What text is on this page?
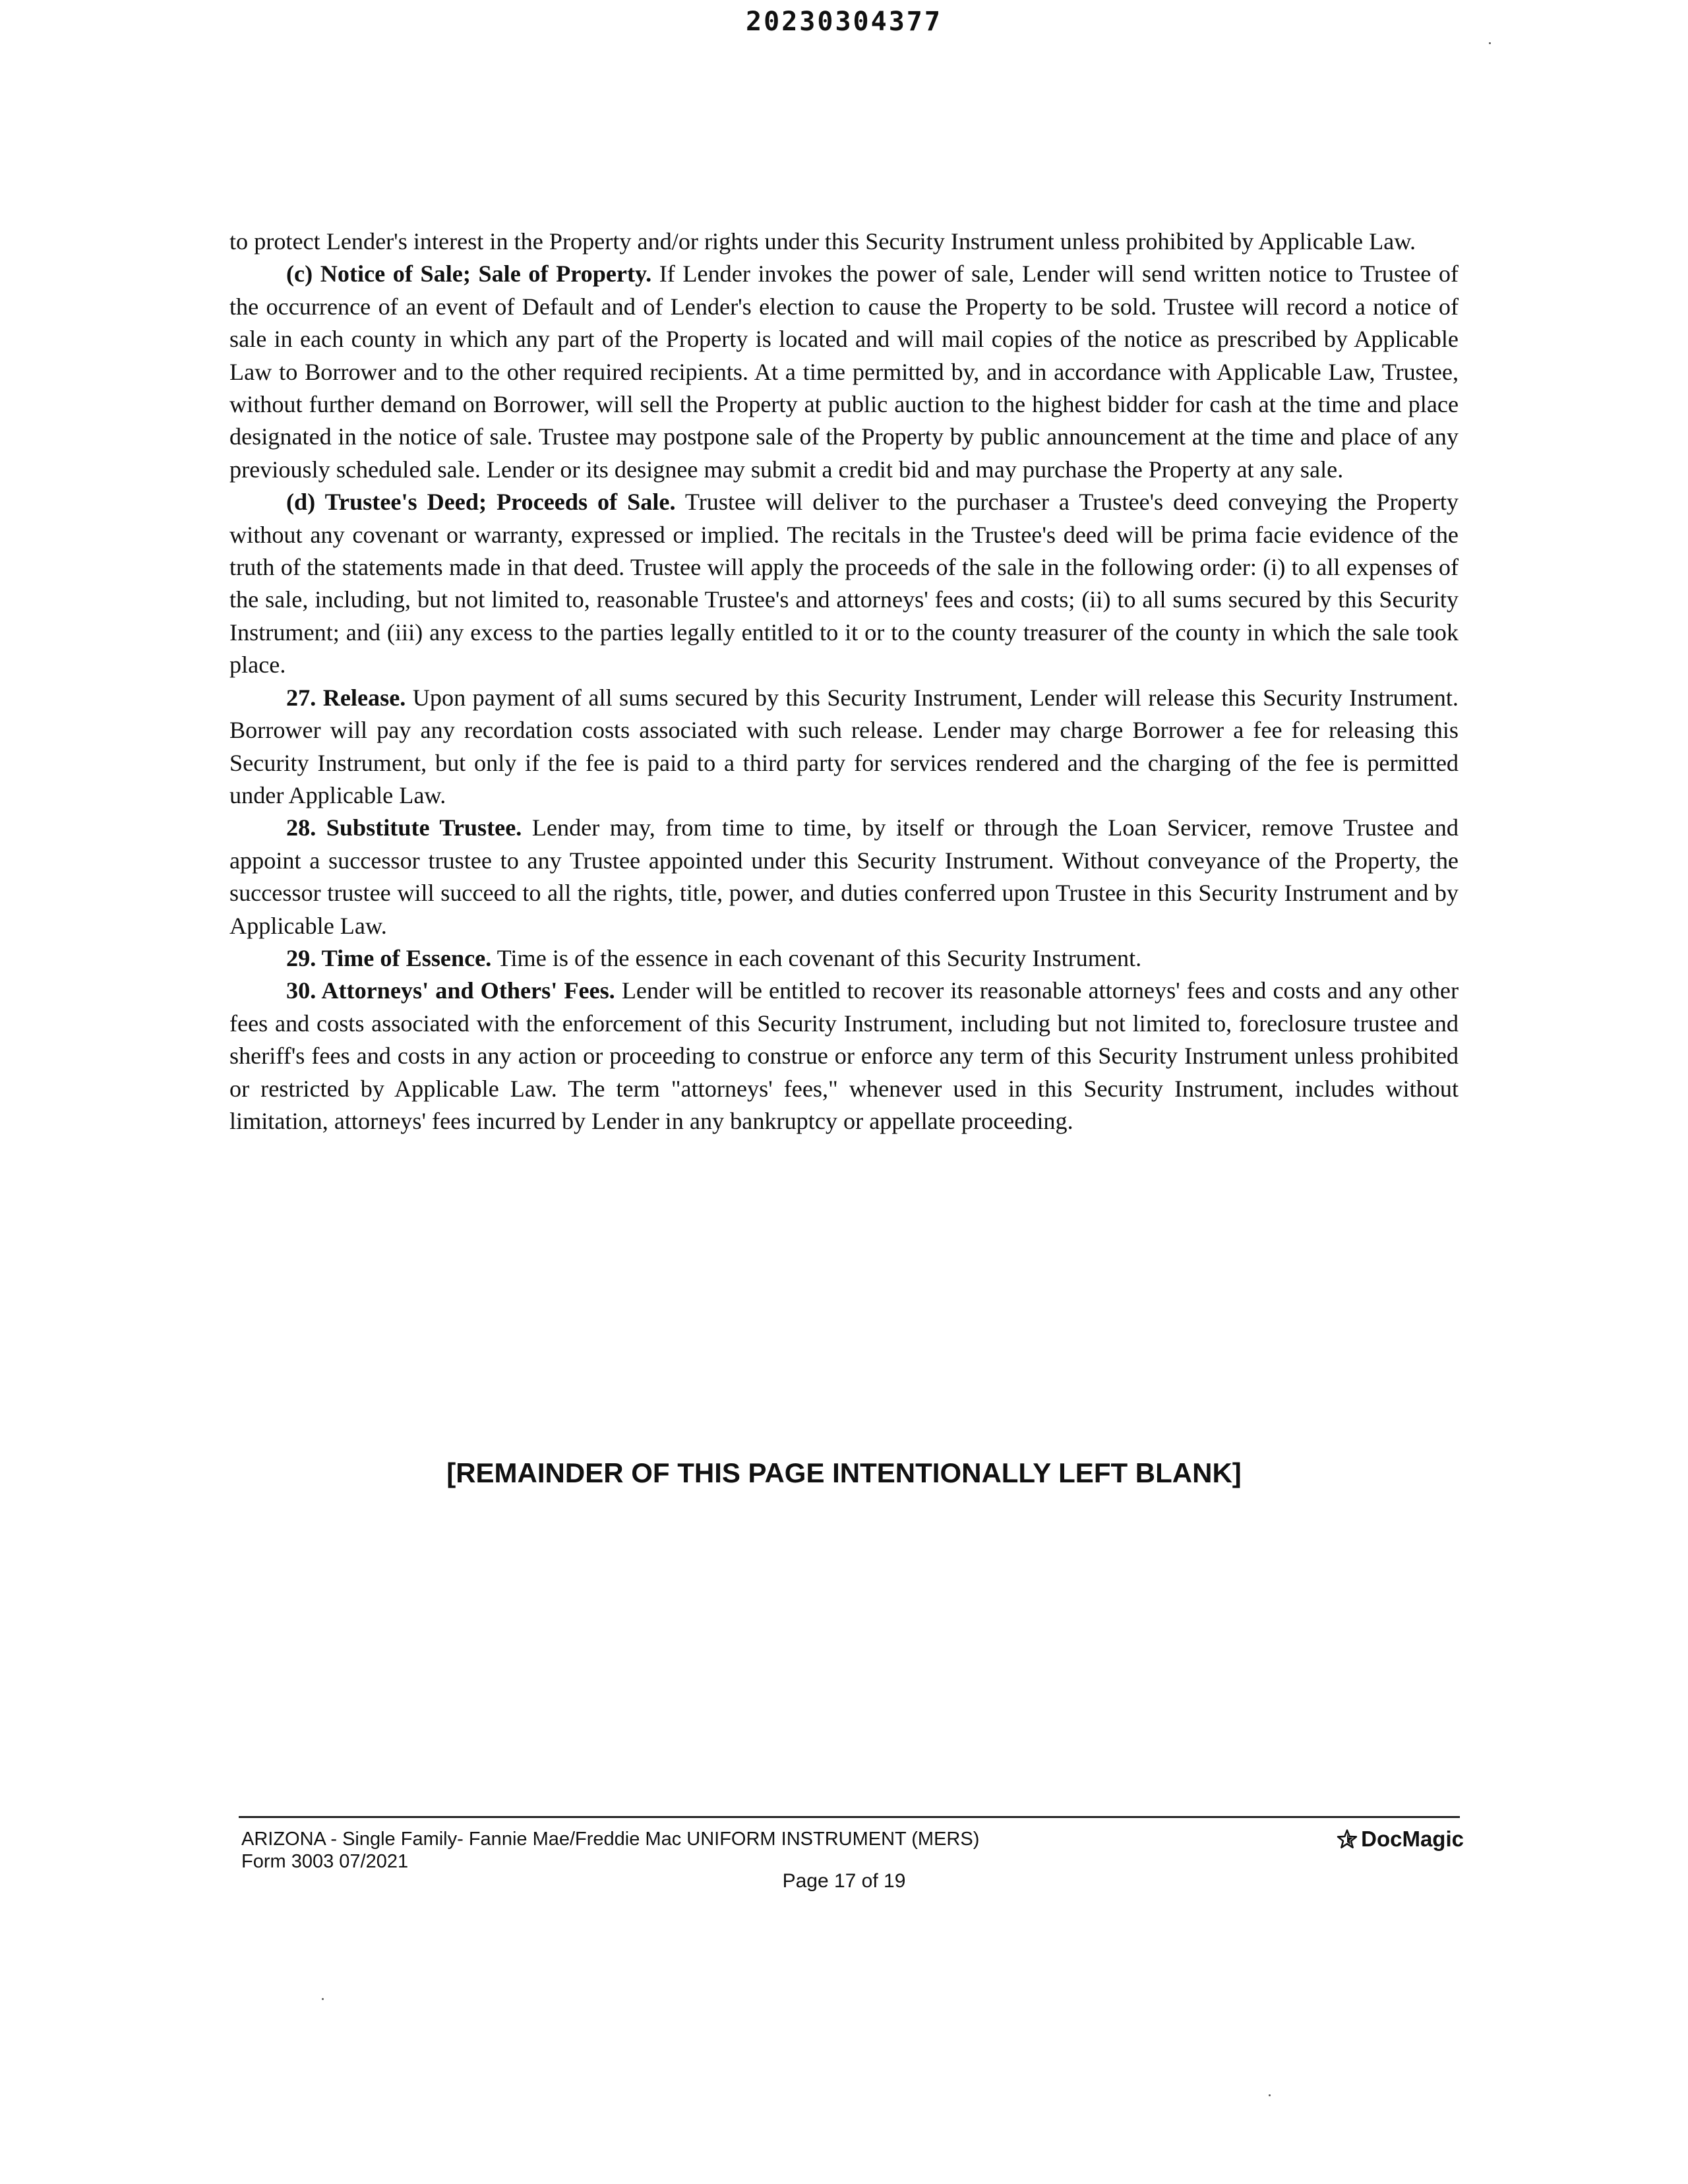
20230304377

to protect Lender's interest in the Property and/or rights under this Security Instrument unless prohibited by Applicable Law.

(c) Notice of Sale; Sale of Property. If Lender invokes the power of sale, Lender will send written notice to Trustee of the occurrence of an event of Default and of Lender's election to cause the Property to be sold. Trustee will record a notice of sale in each county in which any part of the Property is located and will mail copies of the notice as prescribed by Applicable Law to Borrower and to the other required recipients. At a time permitted by, and in accordance with Applicable Law, Trustee, without further demand on Borrower, will sell the Property at public auction to the highest bidder for cash at the time and place designated in the notice of sale. Trustee may postpone sale of the Property by public announcement at the time and place of any previously scheduled sale. Lender or its designee may submit a credit bid and may purchase the Property at any sale.

(d) Trustee's Deed; Proceeds of Sale. Trustee will deliver to the purchaser a Trustee's deed conveying the Property without any covenant or warranty, expressed or implied. The recitals in the Trustee's deed will be prima facie evidence of the truth of the statements made in that deed. Trustee will apply the proceeds of the sale in the following order: (i) to all expenses of the sale, including, but not limited to, reasonable Trustee's and attorneys' fees and costs; (ii) to all sums secured by this Security Instrument; and (iii) any excess to the parties legally entitled to it or to the county treasurer of the county in which the sale took place.

27. Release. Upon payment of all sums secured by this Security Instrument, Lender will release this Security Instrument. Borrower will pay any recordation costs associated with such release. Lender may charge Borrower a fee for releasing this Security Instrument, but only if the fee is paid to a third party for services rendered and the charging of the fee is permitted under Applicable Law.

28. Substitute Trustee. Lender may, from time to time, by itself or through the Loan Servicer, remove Trustee and appoint a successor trustee to any Trustee appointed under this Security Instrument. Without conveyance of the Property, the successor trustee will succeed to all the rights, title, power, and duties conferred upon Trustee in this Security Instrument and by Applicable Law.

29. Time of Essence. Time is of the essence in each covenant of this Security Instrument.

30. Attorneys' and Others' Fees. Lender will be entitled to recover its reasonable attorneys' fees and costs and any other fees and costs associated with the enforcement of this Security Instrument, including but not limited to, foreclosure trustee and sheriff's fees and costs in any action or proceeding to construe or enforce any term of this Security Instrument unless prohibited or restricted by Applicable Law. The term "attorneys' fees," whenever used in this Security Instrument, includes without limitation, attorneys' fees incurred by Lender in any bankruptcy or appellate proceeding.

[REMAINDER OF THIS PAGE INTENTIONALLY LEFT BLANK]
ARIZONA - Single Family- Fannie Mae/Freddie Mac UNIFORM INSTRUMENT (MERS)
Form 3003 07/2021
Page 17 of 19
DocMagic
